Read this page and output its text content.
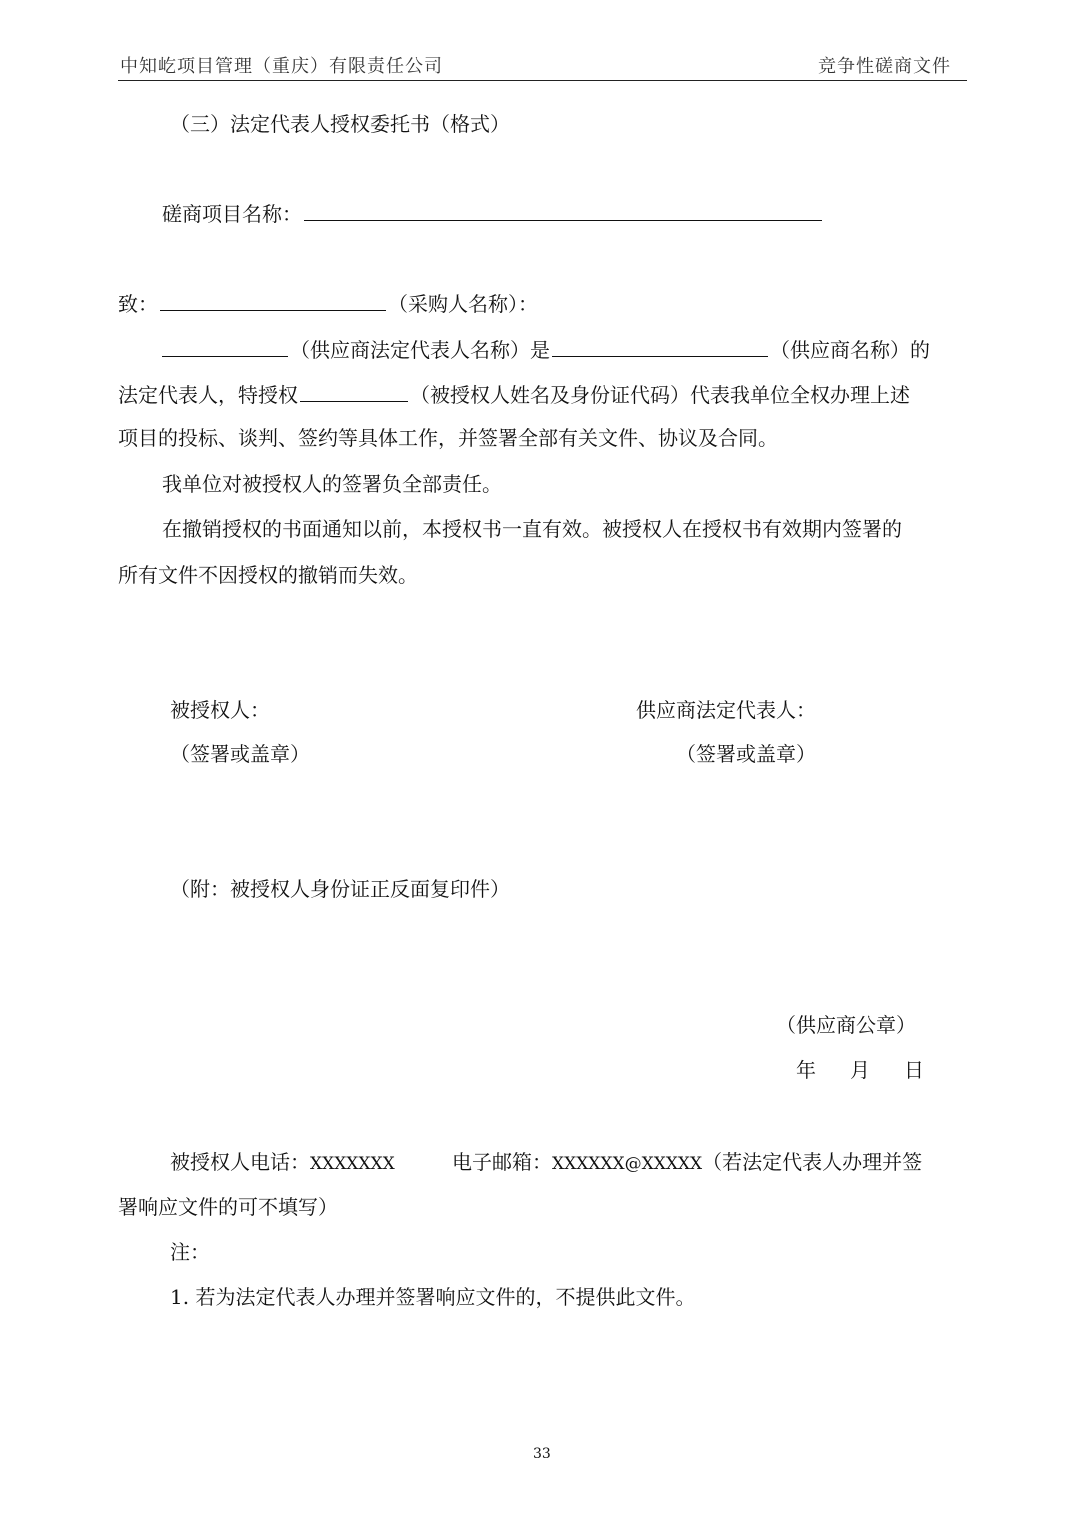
中知屹项目管理（重庆）有限责任公司	竞争性磋商文件
（三）法定代表人授权委托书（格式）
磋商项目名称：
致：	（采购人名称）：
（供应商法定代表人名称）是	（供应商名称）的
法定代表人，特授权	（被授权人姓名及身份证代码）代表我单位全权办理上述
项目的投标、谈判、签约等具体工作，并签署全部有关文件、协议及合同。
我单位对被授权人的签署负全部责任。
在撤销授权的书面通知以前，本授权书一直有效。被授权人在授权书有效期内签署的
所有文件不因授权的撤销而失效。
被授权人：
（签署或盖章）
供应商法定代表人：
（签署或盖章）
（附：被授权人身份证正反面复印件）
（供应商公章）
年 月 日
被授权人电话：XXXXXXX	电子邮箱：XXXXXX@XXXXX（若法定代表人办理并签
署响应文件的可不填写）
注：
1. 若为法定代表人办理并签署响应文件的，不提供此文件。
33
